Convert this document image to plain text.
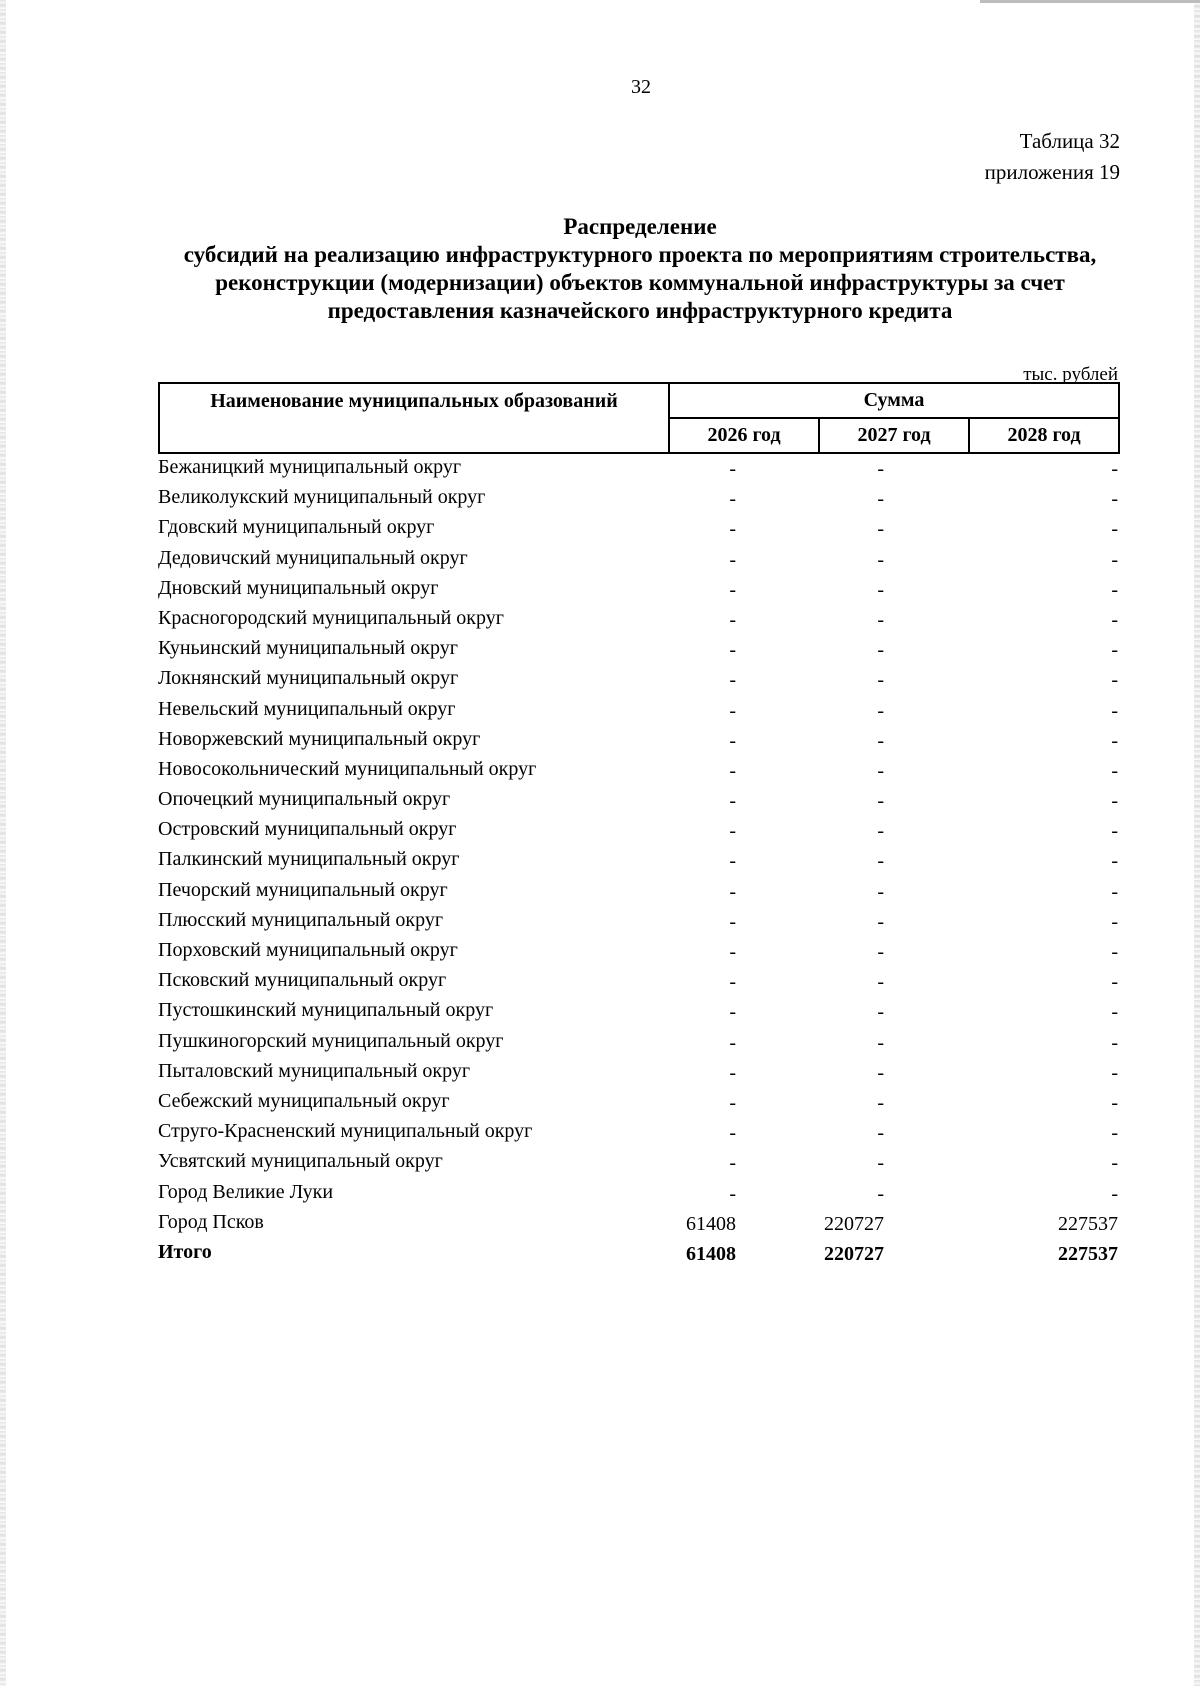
32
Таблица 32
приложения 19
Распределение
субсидий на реализацию инфраструктурного проекта по мероприятиям строительства,
реконструкции (модернизации) объектов коммунальной инфраструктуры за счет
предоставления казначейского инфраструктурного кредита
тыс. рублей
Наименование муниципальных образований	Сумма
2026 год	2027 год	2028 год
Бежаницкий муниципальный округ	-	-	-
Великолукский муниципальный округ	-	-	-
Гдовский муниципальный округ	-	-	-
Дедовичский муниципальный округ	-	-	-
Дновский муниципальный округ	-	-	-
Красногородский муниципальный округ	-	-	-
Куньинский муниципальный округ	-	-	-
Локнянский муниципальный округ	-	-	-
Невельский муниципальный округ	-	-	-
Новоржевский муниципальный округ	-	-	-
Новосокольнический муниципальный округ	-	-	-
Опочецкий муниципальный округ	-	-	-
Островский муниципальный округ	-	-	-
Палкинский муниципальный округ	-	-	-
Печорский муниципальный округ	-	-	-
Плюсский муниципальный округ	-	-	-
Порховский муниципальный округ	-	-	-
Псковский муниципальный округ	-	-	-
Пустошкинский муниципальный округ	-	-	-
Пушкиногорский муниципальный округ	-	-	-
Пыталовский муниципальный округ	-	-	-
Себежский муниципальный округ	-	-	-
Струго-Красненский муниципальный округ	-	-	-
Усвятский муниципальный округ	-	-	-
Город Великие Луки	-	-	-
Город Псков	61408	220727	227537
Итого	61408	220727	227537
